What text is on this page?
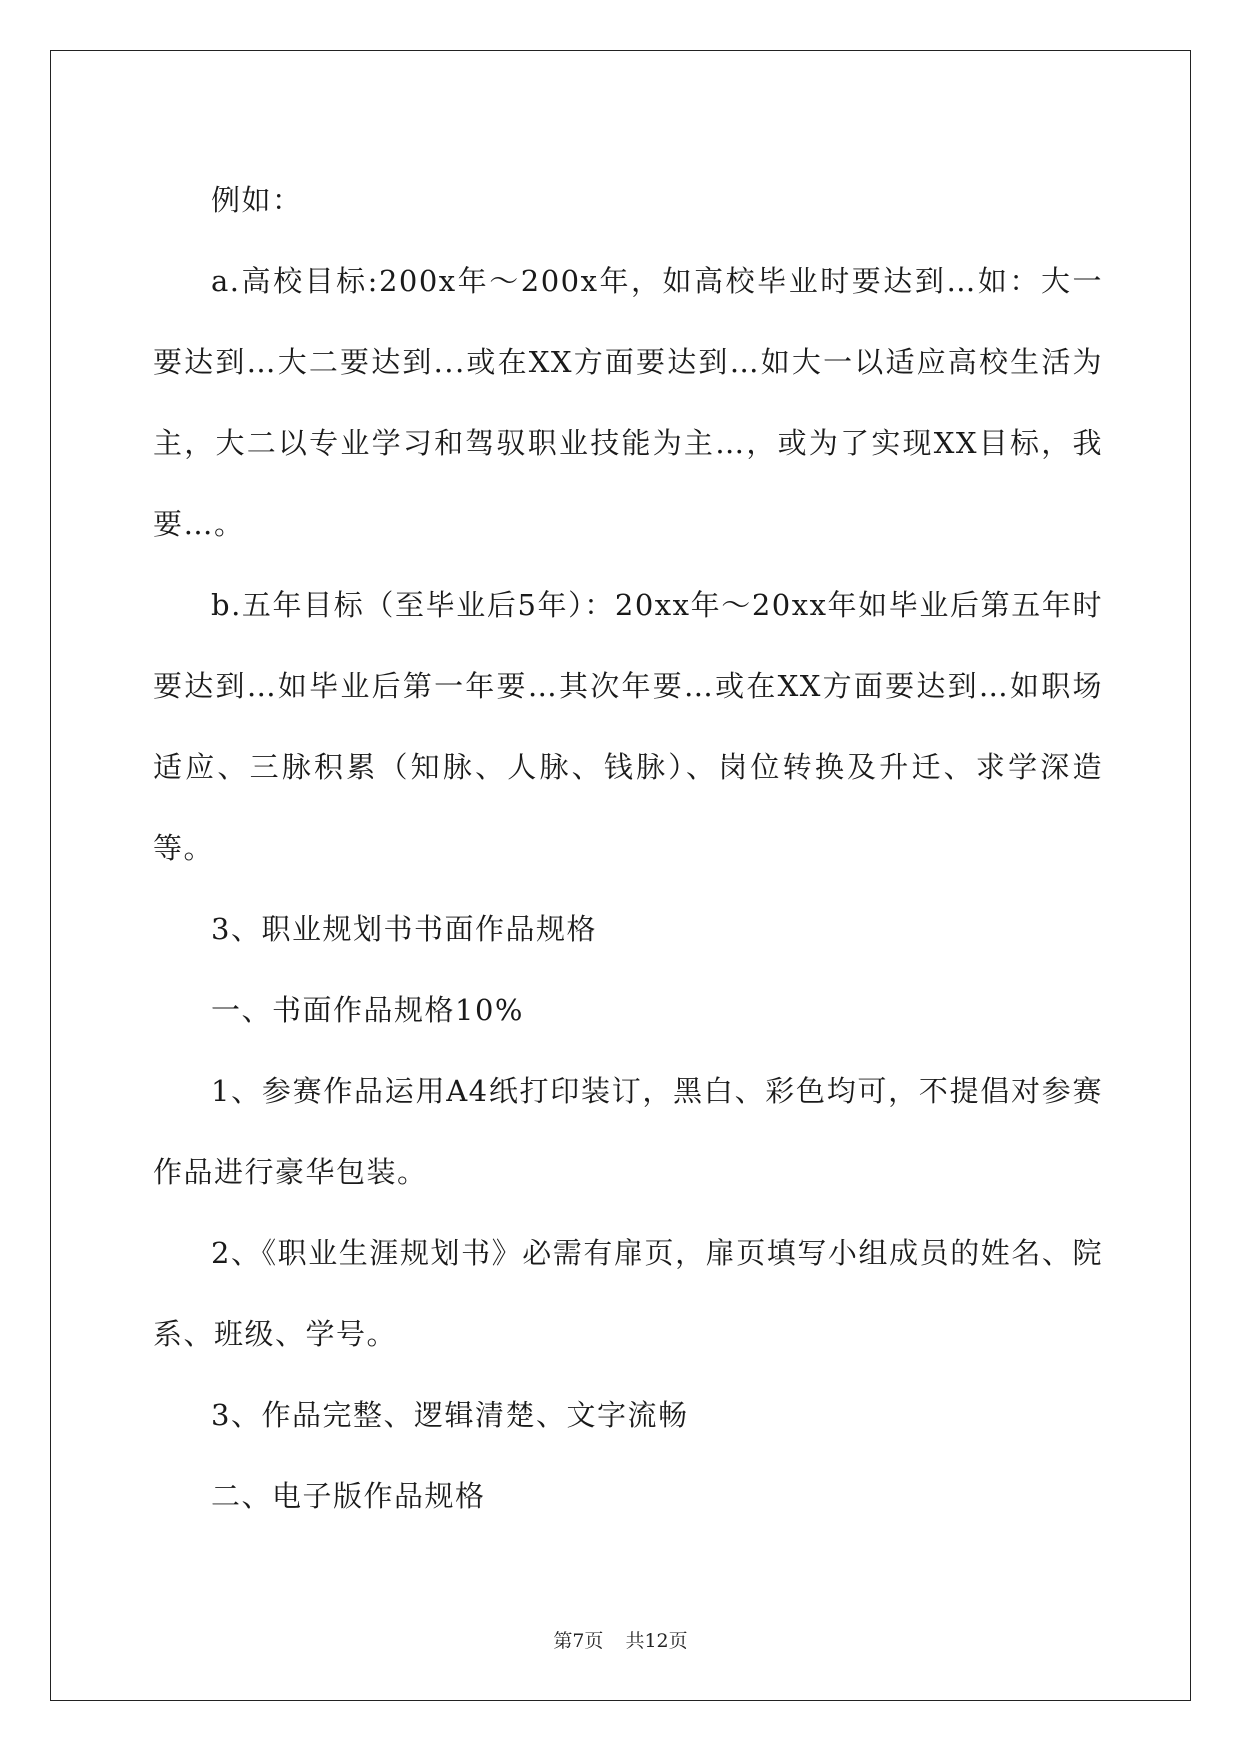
例如：

a.高校目标:200x年～200x年，如高校毕业时要达到…如：大一要达到…大二要达到...或在XX方面要达到…如大一以适应高校生活为主，大二以专业学习和驾驭职业技能为主…，或为了实现XX目标，我要…。

b.五年目标（至毕业后5年）：20xx年～20xx年如毕业后第五年时要达到…如毕业后第一年要…其次年要…或在XX方面要达到…如职场适应、三脉积累（知脉、人脉、钱脉）、岗位转换及升迁、求学深造等。

3、职业规划书书面作品规格

一、书面作品规格10%

1、参赛作品运用A4纸打印装订，黑白、彩色均可，不提倡对参赛作品进行豪华包装。

2、《职业生涯规划书》必需有扉页，扉页填写小组成员的姓名、院系、班级、学号。

3、作品完整、逻辑清楚、文字流畅

二、电子版作品规格

第7页 共12页
